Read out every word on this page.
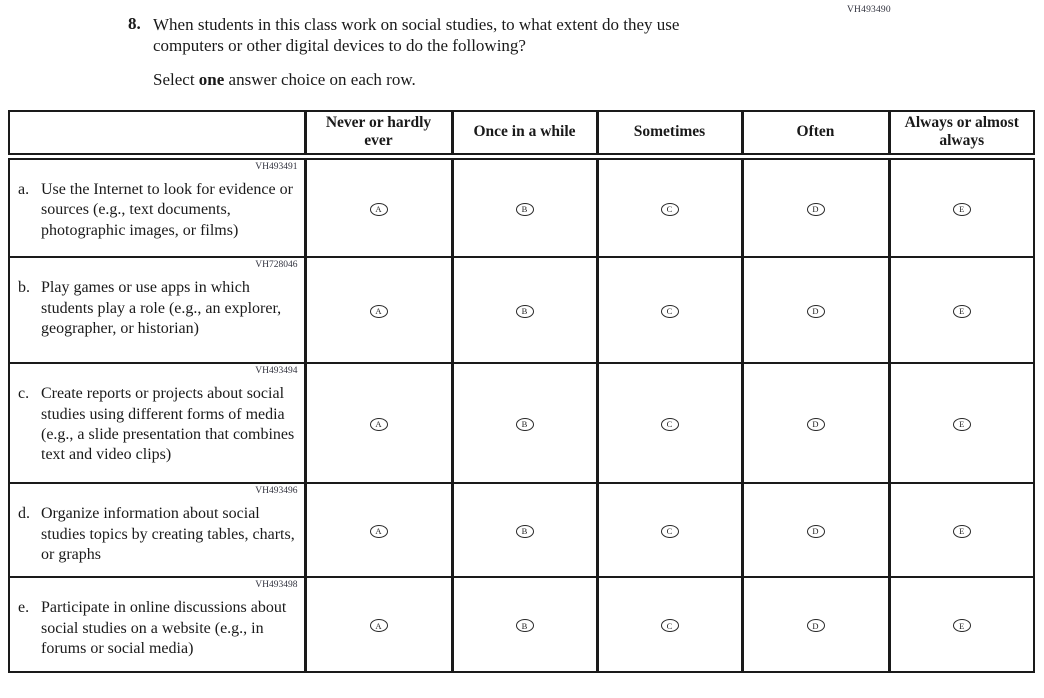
VH493490
8. When students in this class work on social studies, to what extent do they use computers or other digital devices to do the following?
Select one answer choice on each row.
	Never or hardly ever	Once in a while	Sometimes	Often	Always or almost always

VH493491
a. Use the Internet to look for evidence or sources (e.g., text documents, photographic images, or films)	A	B	C	D	E

VH728046
b. Play games or use apps in which students play a role (e.g., an explorer, geographer, or historian)	A	B	C	D	E

VH493494
c. Create reports or projects about social studies using different forms of media (e.g., a slide presentation that combines text and video clips)	A	B	C	D	E

VH493496
d. Organize information about social studies topics by creating tables, charts, or graphs	A	B	C	D	E

VH493498
e. Participate in online discussions about social studies on a website (e.g., in forums or social media)	A	B	C	D	E
